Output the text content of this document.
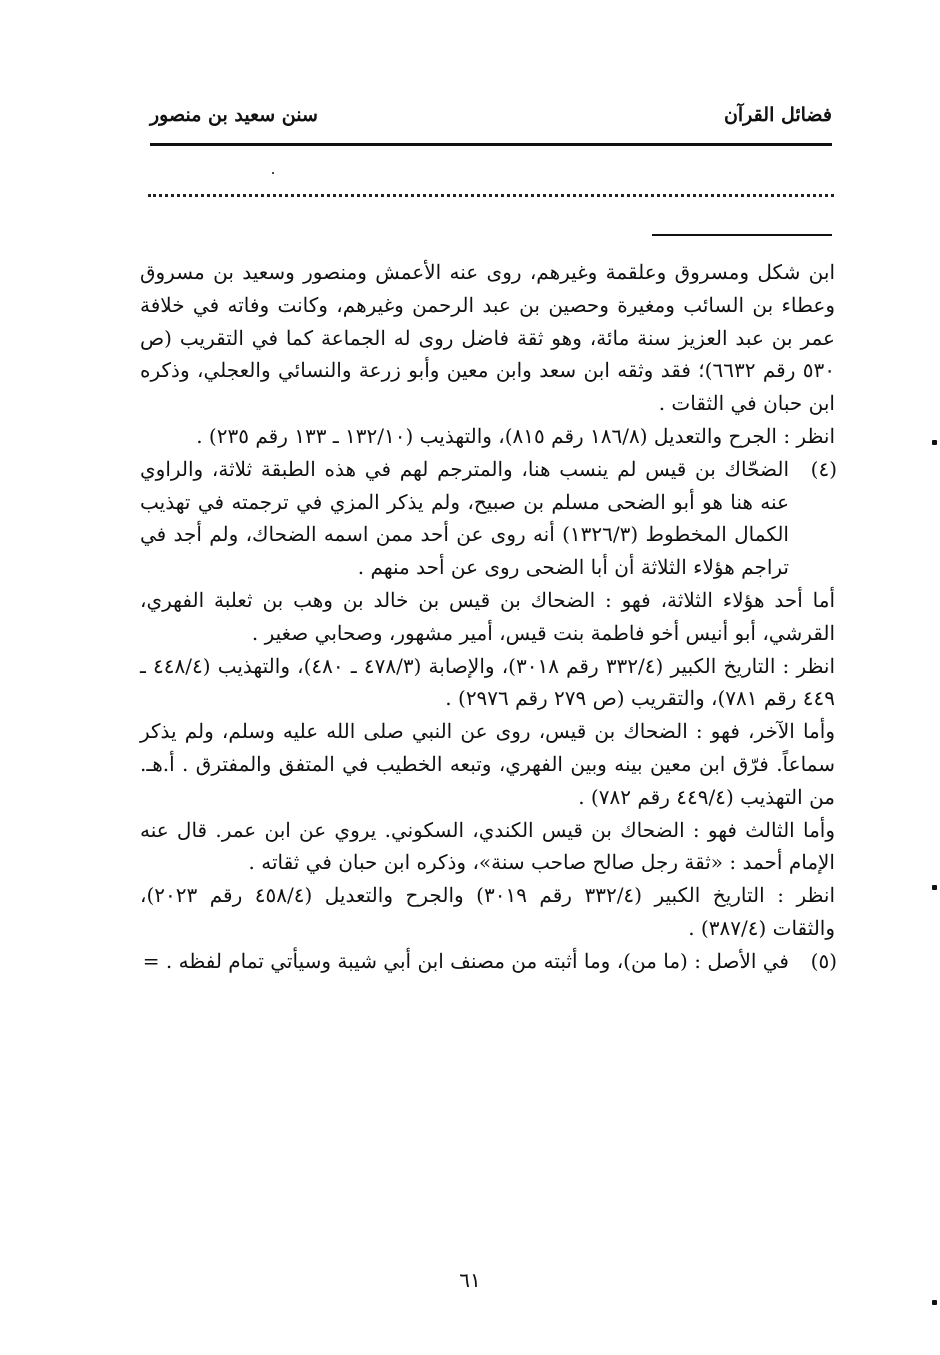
فضائل القرآن
سنن سعيد بن منصور

ابن شكل ومسروق وعلقمة وغيرهم، روى عنه الأعمش ومنصور وسعيد بن مسروق وعطاء بن السائب ومغيرة وحصين بن عبد الرحمن وغيرهم، وكانت وفاته في خلافة عمر بن عبد العزيز سنة مائة، وهو ثقة فاضل روى له الجماعة كما في التقريب (ص ٥٣٠ رقم ٦٦٣٢)؛ فقد وثقه ابن سعد وابن معين وأبو زرعة والنسائي والعجلي، وذكره ابن حبان في الثقات .

انظر : الجرح والتعديل (١٨٦/٨ رقم ٨١٥)، والتهذيب (١٣٢/١٠ ـ ١٣٣ رقم ٢٣٥) .

(٤)

الضحّاك بن قيس لم ينسب هنا، والمترجم لهم في هذه الطبقة ثلاثة، والراوي عنه هنا هو أبو الضحى مسلم بن صبيح، ولم يذكر المزي في ترجمته في تهذيب الكمال المخطوط (١٣٢٦/٣) أنه روى عن أحد ممن اسمه الضحاك، ولم أجد في تراجم هؤلاء الثلاثة أن أبا الضحى روى عن أحد منهم .

أما أحد هؤلاء الثلاثة، فهو : الضحاك بن قيس بن خالد بن وهب بن ثعلبة الفهري، القرشي، أبو أنيس أخو فاطمة بنت قيس، أمير مشهور، وصحابي صغير .

انظر : التاريخ الكبير (٣٣٢/٤ رقم ٣٠١٨)، والإصابة (٤٧٨/٣ ـ ٤٨٠)، والتهذيب (٤٤٨/٤ ـ ٤٤٩ رقم ٧٨١)، والتقريب (ص ٢٧٩ رقم ٢٩٧٦) .

وأما الآخر، فهو : الضحاك بن قيس، روى عن النبي صلى الله عليه وسلم، ولم يذكر سماعاً. فرّق ابن معين بينه وبين الفهري، وتبعه الخطيب في المتفق والمفترق . أ.هـ. من التهذيب (٤٤٩/٤ رقم ٧٨٢) .

وأما الثالث فهو : الضحاك بن قيس الكندي، السكوني. يروي عن ابن عمر. قال عنه الإمام أحمد : «ثقة رجل صالح صاحب سنة»، وذكره ابن حبان في ثقاته .

انظر : التاريخ الكبير (٣٣٢/٤ رقم ٣٠١٩) والجرح والتعديل (٤٥٨/٤ رقم ٢٠٢٣)، والثقات (٣٨٧/٤) .

(٥)

في الأصل : (ما من)، وما أثبته من مصنف ابن أبي شيبة وسيأتي تمام لفظه . =

٦١
